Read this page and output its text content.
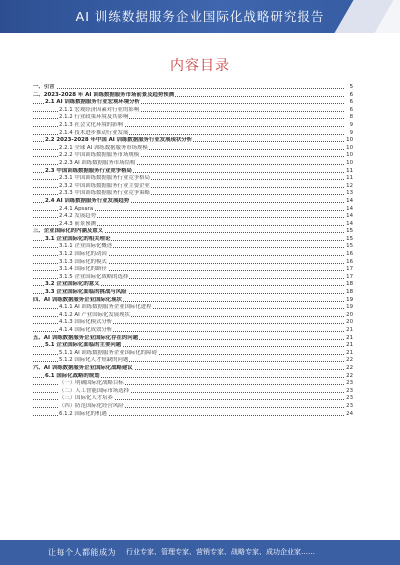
AI 训练数据服务企业国际化战略研究报告
内容目录
一、引言	5
二、2023-2028 年 AI 训练数据服务市场前景及趋势预测	6
2.1 AI 训练数据服务行业宏观环境分析	6
2.1.1 宏观经济因素对行业的影响	6
2.1.2 行业政策环境及其影响	8
2.1.3 社会文化环境的影响	9
2.1.4 技术进步推动行业发展	9
2.2 2023-2028 年中国 AI 训练数据服务行业发展现状分析	10
2.2.1 全球 AI 训练数据服务市场规模	10
2.2.2 中国训练数据服务市场规模	10
2.2.3 AI 训练数据服务市场结构	10
2.3 中国训练数据服务行业竞争格局	11
2.3.1 中国训练数据服务行业竞争格局	11
2.3.2 中国训练数据服务行业主要企业	12
2.3.3 中国训练数据服务行业竞争策略	13
2.4 AI 训练数据服务行业发展趋势	14
2.4.1 Apsara	14
2.4.2 发展趋势	14
2.4.3 前景预测	14
三、企业国际化的内涵及意义	15
3.1 企业国际化的相关理论	15
3.1.1 企业国际化概述	15
3.1.2 国际化的动因	16
3.1.3 国际化的模式	16
3.1.4 国际化的路径	17
3.1.5 企业国际化战略的选择	17
3.2 企业国际化的意义	18
3.3 企业国际化面临的挑战与风险	18
四、AI 训练数据服务企业国际化现状	19
4.1.1 AI 训练数据服务企业国际化进程	19
4.1.2 AI 产业国际化发展现状	20
4.1.3 国际化模式分析	20
4.1.4 国际化成效分析	21
五、AI 训练数据服务企业国际化存在的问题	21
5.1 企业国际化面临的主要问题	21
5.1.1 AI 训练数据服务企业国际化的障碍	21
5.1.2 国际化人才短缺的问题	22
六、AI 训练数据服务企业国际化战略建议	22
6.1 国际化战略的规划	22
（一）明确国际化战略目标	23
（二）人工智能国际市场选择	23
（三）国际化人才培养	23
（四）防范国际化经营风险	23
6.1.2 国际化的机遇	24
让每个人都能成为 行业专家、管理专家、营销专家、战略专家、成功企业家……
